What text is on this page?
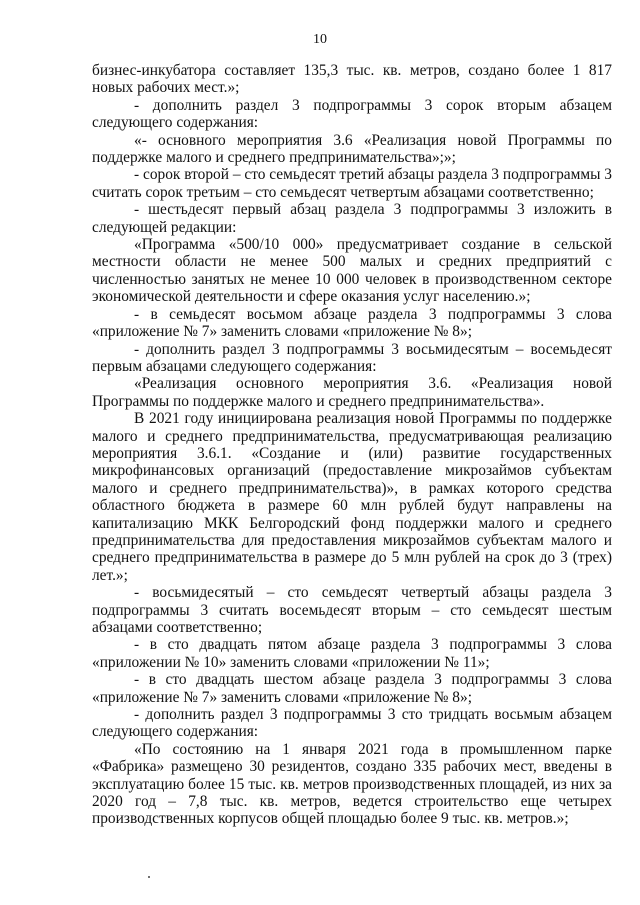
10

бизнес-инкубатора составляет 135,3 тыс. кв. метров, создано более 1 817 новых рабочих мест.»;

- дополнить раздел 3 подпрограммы 3 сорок вторым абзацем следующего содержания:

«- основного мероприятия 3.6 «Реализация новой Программы по поддержке малого и среднего предпринимательства»;»;

- сорок второй – сто семьдесят третий абзацы раздела 3 подпрограммы 3 считать сорок третьим – сто семьдесят четвертым абзацами соответственно;

- шестьдесят первый абзац раздела 3 подпрограммы 3 изложить в следующей редакции:

«Программа «500/10 000» предусматривает создание в сельской местности области не менее 500 малых и средних предприятий с численностью занятых не менее 10 000 человек в производственном секторе экономической деятельности и сфере оказания услуг населению.»;

- в семьдесят восьмом абзаце раздела 3 подпрограммы 3 слова «приложение № 7» заменить словами «приложение № 8»;

- дополнить раздел 3 подпрограммы 3 восьмидесятым – восемьдесят первым абзацами следующего содержания:

«Реализация основного мероприятия 3.6. «Реализация новой Программы по поддержке малого и среднего предпринимательства».

В 2021 году инициирована реализация новой Программы по поддержке малого и среднего предпринимательства, предусматривающая реализацию мероприятия 3.6.1. «Создание и (или) развитие государственных микрофинансовых организаций (предоставление микрозаймов субъектам малого и среднего предпринимательства)», в рамках которого средства областного бюджета в размере 60 млн рублей будут направлены на капитализацию МКК Белгородский фонд поддержки малого и среднего предпринимательства для предоставления микрозаймов субъектам малого и среднего предпринимательства в размере до 5 млн рублей на срок до 3 (трех) лет.»;

- восьмидесятый – сто семьдесят четвертый абзацы раздела 3 подпрограммы 3 считать восемьдесят вторым – сто семьдесят шестым абзацами соответственно;

- в сто двадцать пятом абзаце раздела 3 подпрограммы 3 слова «приложении № 10» заменить словами «приложении № 11»;

- в сто двадцать шестом абзаце раздела 3 подпрограммы 3 слова «приложение № 7» заменить словами «приложение № 8»;

- дополнить раздел 3 подпрограммы 3 сто тридцать восьмым абзацем следующего содержания:

«По состоянию на 1 января 2021 года в промышленном парке «Фабрика» размещено 30 резидентов, создано 335 рабочих мест, введены в эксплуатацию более 15 тыс. кв. метров производственных площадей, из них за 2020 год – 7,8 тыс. кв. метров, ведется строительство еще четырех производственных корпусов общей площадью более 9 тыс. кв. метров.»;
